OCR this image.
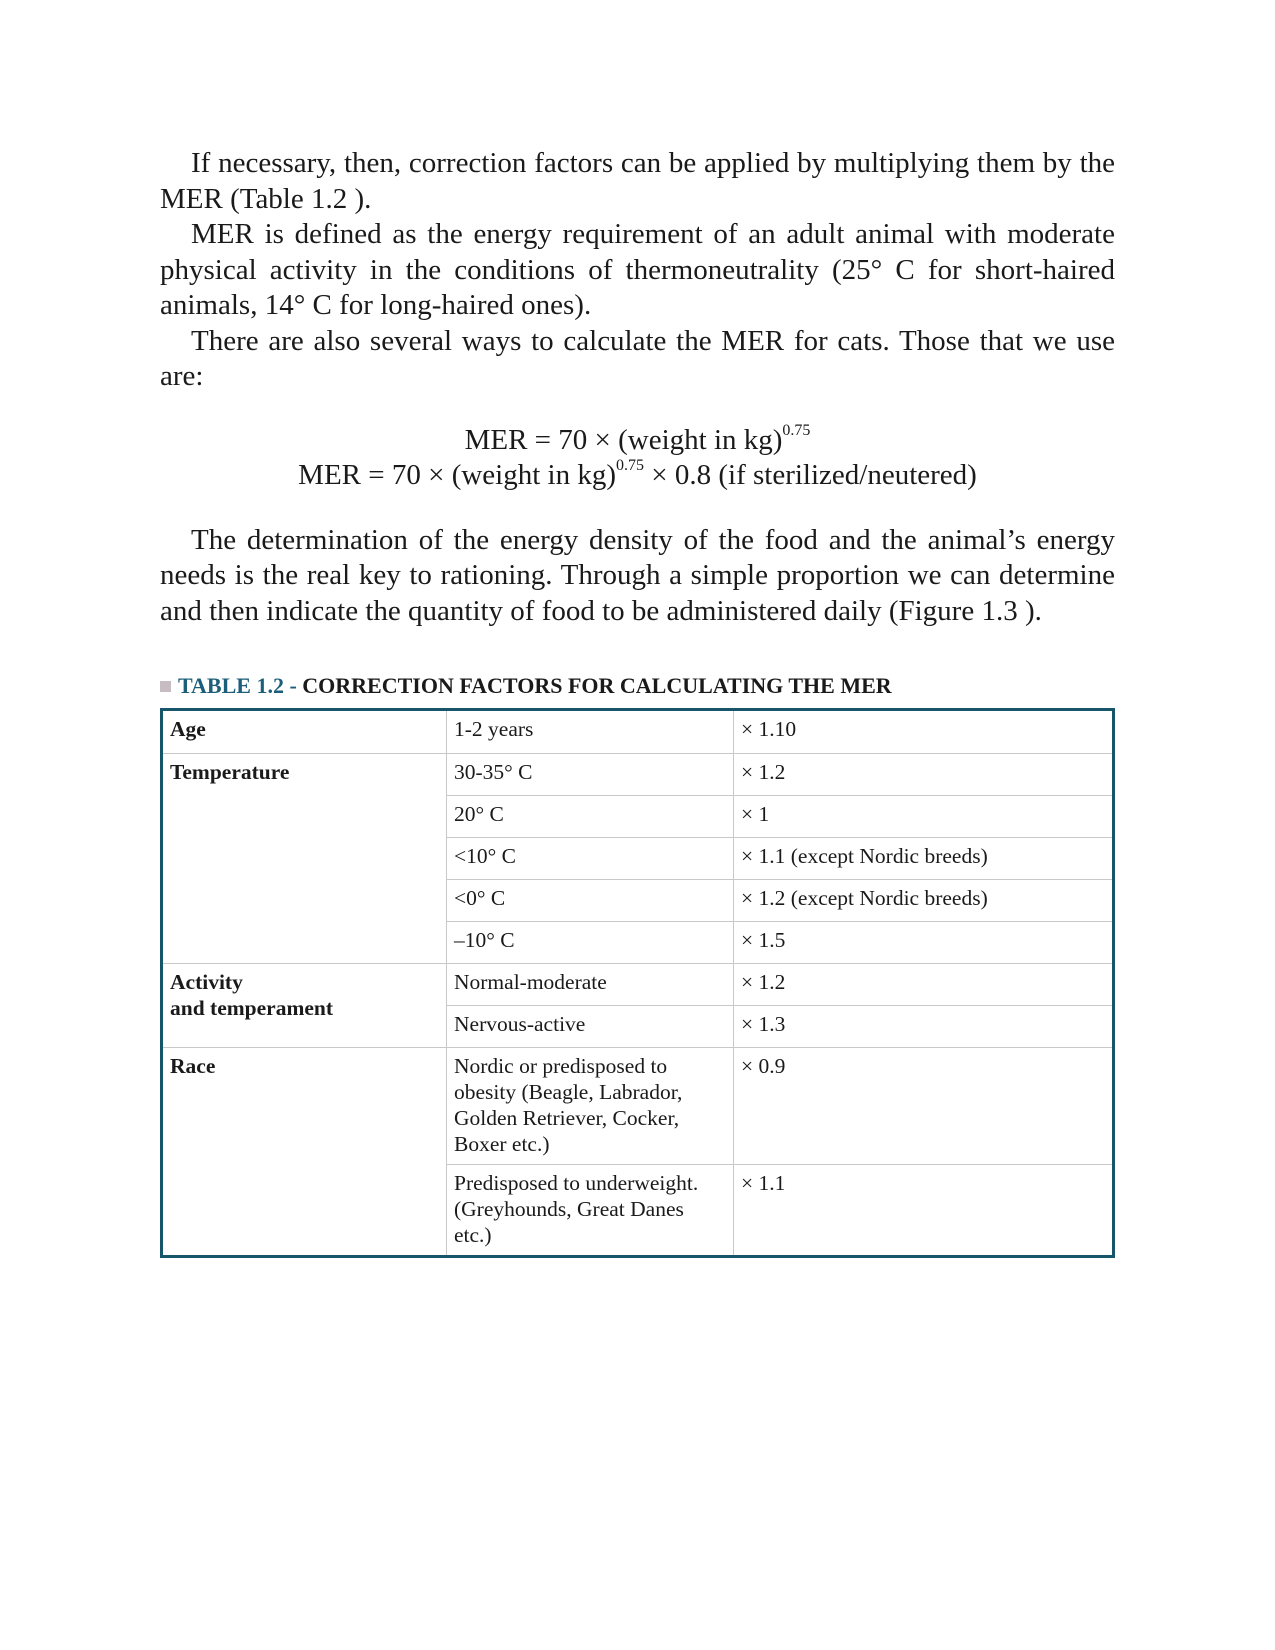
If necessary, then, correction factors can be applied by multiplying them by the MER (Table 1.2 ).

MER is defined as the energy requirement of an adult animal with moderate physical activity in the conditions of thermoneutrality (25° C for short-haired animals, 14° C for long-haired ones).

There are also several ways to calculate the MER for cats. Those that we use are:

MER = 70 × (weight in kg)$^{0.75}$
MER = 70 × (weight in kg)$^{0.75}$ × 0.8 (if sterilized/neutered)

The determination of the energy density of the food and the animal’s energy needs is the real key to rationing. Through a simple proportion we can determine and then indicate the quantity of food to be administered daily (Figure 1.3 ).

TABLE 1.2 - CORRECTION FACTORS FOR CALCULATING THE MER
Age	1-2 years	× 1.10
Temperature	30-35° C	× 1.2
	20° C	× 1
	<10° C	× 1.1 (except Nordic breeds)
	<0° C	× 1.2 (except Nordic breeds)
	–10° C	× 1.5
Activity
and temperament	Normal-moderate	× 1.2
	Nervous-active	× 1.3
Race	Nordic or predisposed to obesity (Beagle, Labrador, Golden Retriever, Cocker, Boxer etc.)	× 0.9
	Predisposed to underweight. (Greyhounds, Great Danes etc.)	× 1.1
